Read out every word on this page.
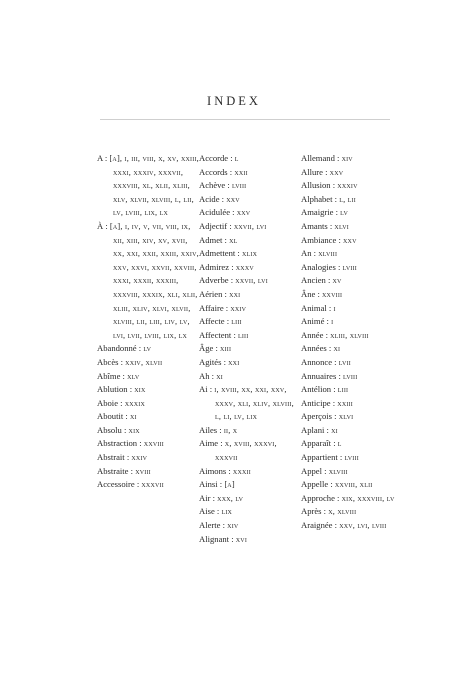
INDEX
A : [a], i, iii, viii, x, xv, xxiii, xxxi, xxxiv, xxxvii, xxxviii, xl, xlii, xliii, xlv, xlvii, xlviii, l, lii, lv, lviii, lix, lx
À : [a], i, iv, v, vii, viii, ix, xii, xiii, xiv, xv, xvii, xx, xxi, xxii, xxiii, xxiv, xxv, xxvi, xxvii, xxviii, xxxi, xxxii, xxxiii, xxxviii, xxxix, xli, xlii, xliii, xliv, xlvi, xlvii, xlviii, lii, liii, liv, lv, lvi, lvii, lviii, lix, lx
Abandonné : lv
Abcès : xxiv, xlvii
Abîme : xlv
Ablution : xix
Aboie : xxxix
Aboutit : xi
Absolu : xix
Abstraction : xxviii
Abstrait : xxiv
Abstraite : xviii
Accessoire : xxxvii
Accorde : l
Accords : xxii
Achève : lviii
Acide : xxv
Acidulée : xxv
Adjectif : xxvii, lvi
Admet : xl
Admettent : xlix
Admirez : xxxv
Adverbe : xxvii, lvi
Aérien : xxi
Affaire : xxiv
Affecte : liii
Affectent : liii
Âge : xiii
Agités : xxi
Ah : xi
Ai : i, xviii, xx, xxi, xxv, xxxv, xli, xliv, xlviii, l, li, lv, lix
Ailes : ii, x
Aime : x, xviii, xxxvi, xxxvii
Aimons : xxxii
Ainsi : [a]
Air : xxx, lv
Aise : lix
Alerte : xiv
Alignant : xvi
Allemand : xiv
Allure : xxv
Allusion : xxxiv
Alphabet : l, lii
Amaigrie : lv
Amants : xlvi
Ambiance : xxv
An : xlviii
Analogies : lviii
Ancien : xv
Âne : xxviii
Animal : i
Animé : i
Année : xliii, xlviii
Années : xi
Annonce : lvii
Annuaires : lviii
Antélion : liii
Anticipe : xxiii
Aperçois : xlvi
Aplani : xi
Apparaît : l
Appartient : lviii
Appel : xlviii
Appelle : xxviii, xlii
Approche : xix, xxxviii, lv
Après : x, xlviii
Araignée : xxv, lvi, lviii
